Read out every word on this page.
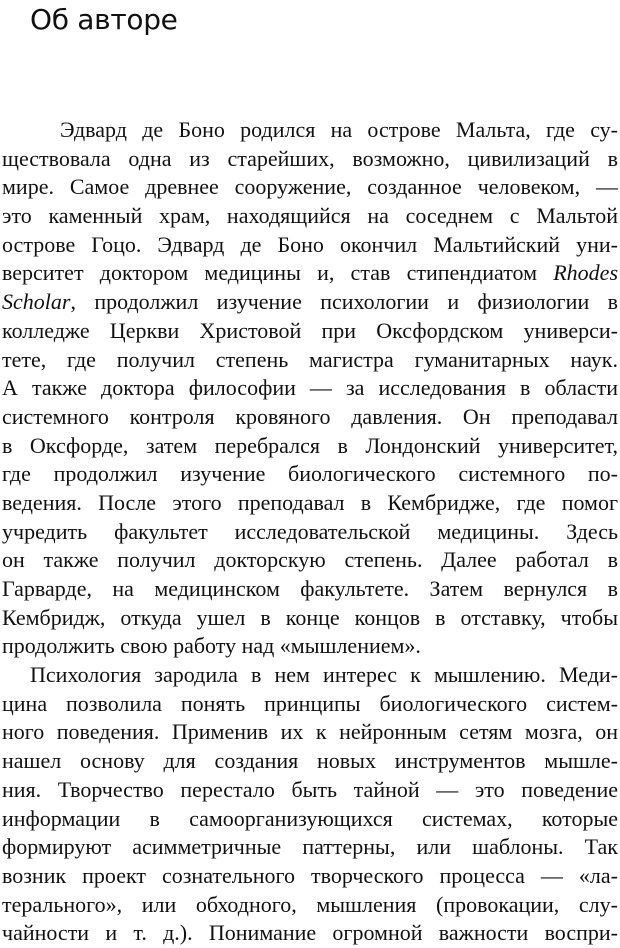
Об авторе
Эдвард де Боно родился на острове Мальта, где су-
ществовала одна из старейших, возможно, цивилизаций в
мире. Самое древнее сооружение, созданное человеком, —
это каменный храм, находящийся на соседнем с Мальтой
острове Гоцо. Эдвард де Боно окончил Мальтийский уни-
верситет доктором медицины и, став стипендиатом Rhodes
Scholar, продолжил изучение психологии и физиологии в
колледже Церкви Христовой при Оксфордском универси-
тете, где получил степень магистра гуманитарных наук.
А также доктора философии — за исследования в области
системного контроля кровяного давления. Он преподавал
в Оксфорде, затем перебрался в Лондонский университет,
где продолжил изучение биологического системного по-
ведения. После этого преподавал в Кембридже, где помог
учредить факультет исследовательской медицины. Здесь
он также получил докторскую степень. Далее работал в
Гарварде, на медицинском факультете. Затем вернулся в
Кембридж, откуда ушел в конце концов в отставку, чтобы
продолжить свою работу над «мышлением».
Психология зародила в нем интерес к мышлению. Меди-
цина позволила понять принципы биологического систем-
ного поведения. Применив их к нейронным сетям мозга, он
нашел основу для создания новых инструментов мышле-
ния. Творчество перестало быть тайной — это поведение
информации в самоорганизующихся системах, которые
формируют асимметричные паттерны, или шаблоны. Так
возник проект сознательного творческого процесса — «ла-
терального», или обходного, мышления (провокации, слу-
чайности и т. д.). Понимание огромной важности воспри-
